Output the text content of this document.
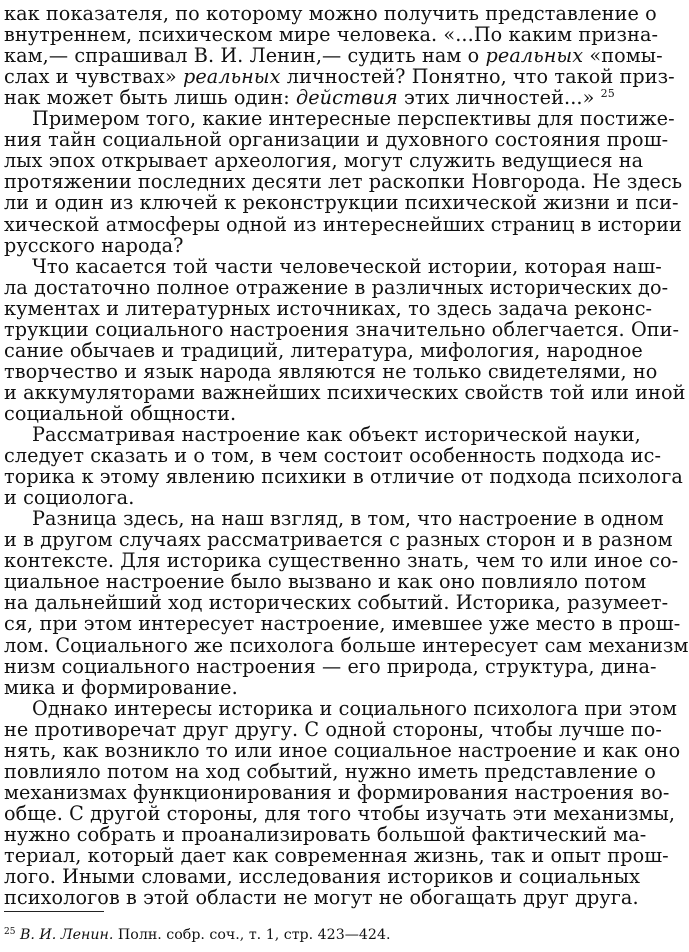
как показателя, по которому можно получить представление о
внутреннем, психическом мире человека. «...По каким призна-
кам,— спрашивал В. И. Ленин,— судить нам о реальных «помы-
слах и чувствах» реальных личностей? Понятно, что такой приз-
нак может быть лишь один: действия этих личностей...» $^{25}$
Примером того, какие интересные перспективы для постиже-
ния тайн социальной организации и духовного состояния прош-
лых эпох открывает археология, могут служить ведущиеся на
протяжении последних десяти лет раскопки Новгорода. Не здесь
ли и один из ключей к реконструкции психической жизни и пси-
хической атмосферы одной из интереснейших страниц в истории
русского народа?
Что касается той части человеческой истории, которая наш-
ла достаточно полное отражение в различных исторических до-
кументах и литературных источниках, то здесь задача реконс-
трукции социального настроения значительно облегчается. Опи-
сание обычаев и традиций, литература, мифология, народное
творчество и язык народа являются не только свидетелями, но
и аккумуляторами важнейших психических свойств той или иной
социальной общности.
Рассматривая настроение как объект исторической науки,
следует сказать и о том, в чем состоит особенность подхода ис-
торика к этому явлению психики в отличие от подхода психолога
и социолога.
Разница здесь, на наш взгляд, в том, что настроение в одном
и в другом случаях рассматривается с разных сторон и в разном
контексте. Для историка существенно знать, чем то или иное со-
циальное настроение было вызвано и как оно повлияло потом
на дальнейший ход исторических событий. Историка, разумеет-
ся, при этом интересует настроение, имевшее уже место в прош-
лом. Социального же психолога больше интересует сам механизм
низм социального настроения — его природа, структура, дина-
мика и формирование.
Однако интересы историка и социального психолога при этом
не противоречат друг другу. С одной стороны, чтобы лучше по-
нять, как возникло то или иное социальное настроение и как оно
повлияло потом на ход событий, нужно иметь представление о
механизмах функционирования и формирования настроения во-
обще. С другой стороны, для того чтобы изучать эти механизмы,
нужно собрать и проанализировать большой фактический ма-
териал, который дает как современная жизнь, так и опыт прош-
лого. Иными словами, исследования историков и социальных
психологов в этой области не могут не обогащать друг друга.
$^{25}$ В. И. Ленин. Полн. собр. соч., т. 1, стр. 423—424.
